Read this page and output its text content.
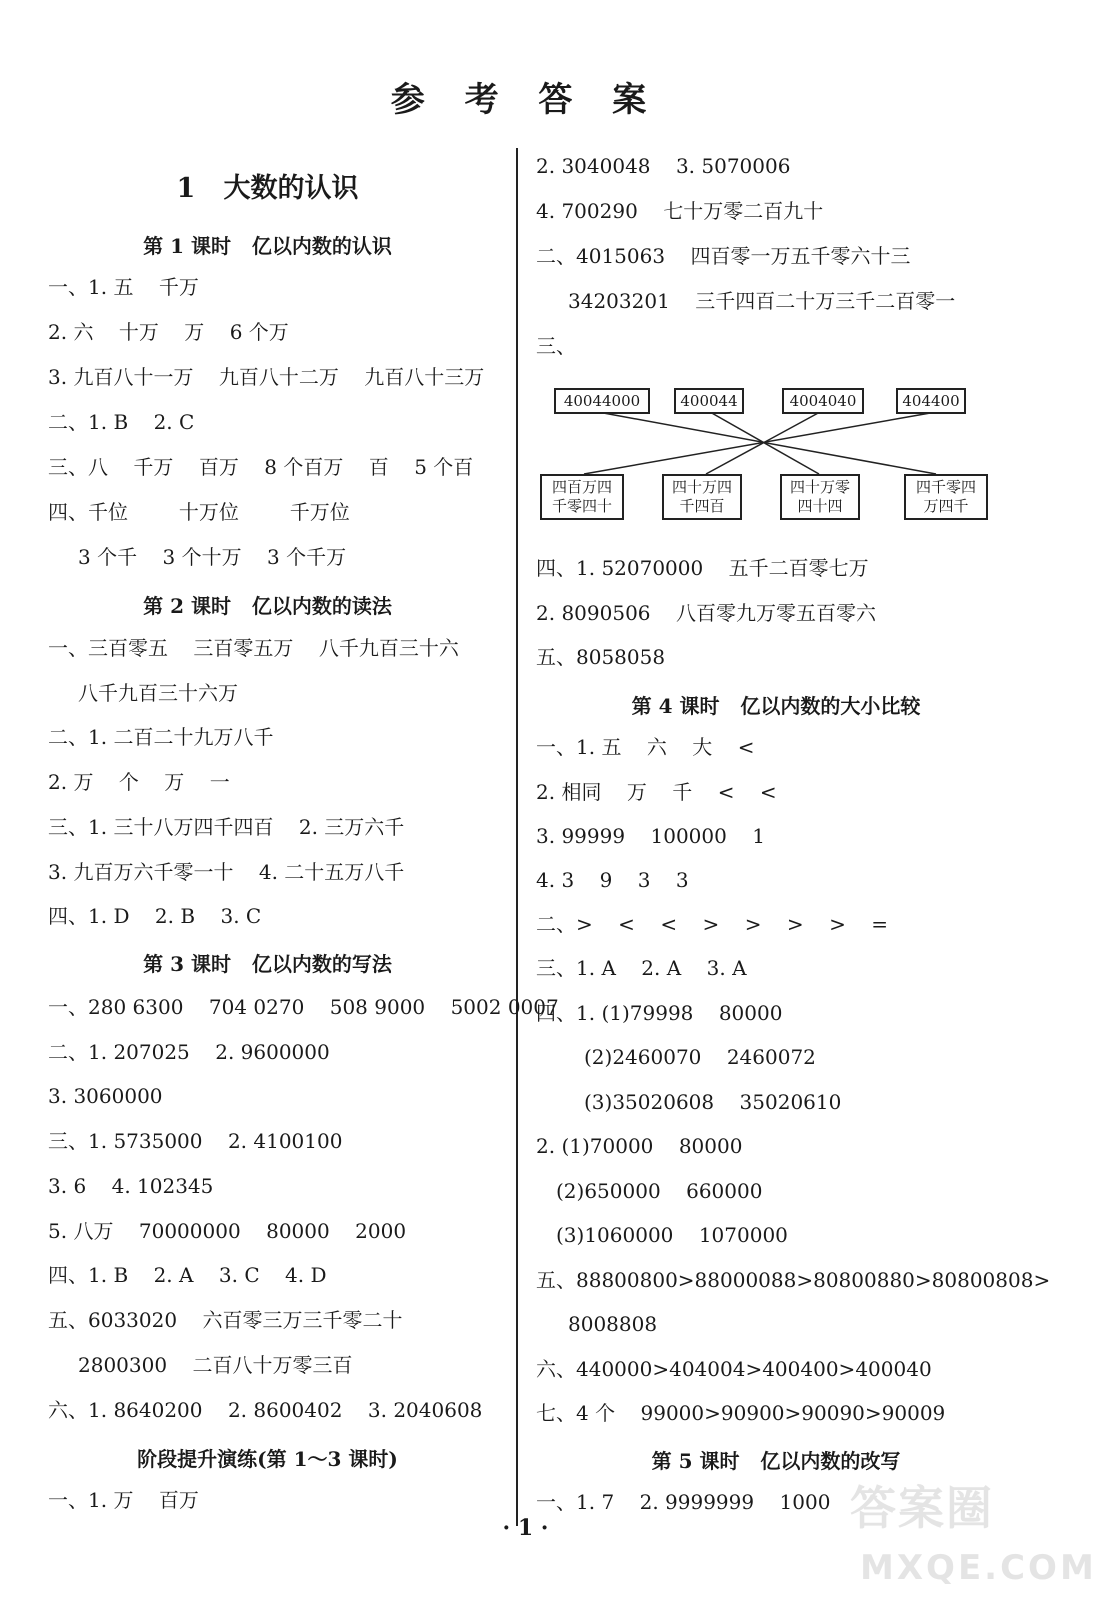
参 考 答 案
1   大数的认识
第 1 课时   亿以内数的认识
一、1. 五    千万
2. 六    十万    万    6 个万
3. 九百八十一万    九百八十二万    九百八十三万
二、1. B    2. C
三、八    千万    百万    8 个百万    百    5 个百
四、千位        十万位        千万位
3 个千    3 个十万    3 个千万
第 2 课时   亿以内数的读法
一、三百零五    三百零五万    八千九百三十六
八千九百三十六万
二、1. 二百二十九万八千
2. 万    个    万    一
三、1. 三十八万四千四百    2. 三万六千
3. 九百万六千零一十    4. 二十五万八千
四、1. D    2. B    3. C
第 3 课时   亿以内数的写法
一、280 6300    704 0270    508 9000    5002 0007
二、1. 207025    2. 9600000
3. 3060000
三、1. 5735000    2. 4100100
3. 6    4. 102345
5. 八万    70000000    80000    2000
四、1. B    2. A    3. C    4. D
五、6033020    六百零三万三千零二十
2800300    二百八十万零三百
六、1. 8640200    2. 8600402    3. 2040608
阶段提升演练(第 1～3 课时)
一、1. 万    百万
2. 3040048    3. 5070006
4. 700290    七十万零二百九十
二、4015063    四百零一万五千零六十三
34203201    三千四百二十万三千二百零一
三、
四、1. 52070000    五千二百零七万
2. 8090506    八百零九万零五百零六
五、8058058
第 4 课时   亿以内数的大小比较
一、1. 五    六    大    <
2. 相同    万    千    <    <
3. 99999    100000    1
4. 3    9    3    3
二、>    <    <    >    >    >    >    =
三、1. A    2. A    3. A
四、1. (1)79998    80000
(2)2460070    2460072
(3)35020608    35020610
2. (1)70000    80000
(2)650000    660000
(3)1060000    1070000
五、88800800>88000088>80800880>80800808>
8008808
六、440000>404004>400400>400040
七、4 个    99000>90900>90090>90009
第 5 课时   亿以内数的改写
一、1. 7    2. 9999999    1000
40044000	400044	4004040	404400
四百万四
千零四十
四十万四
千四百
四十万零
四十四
四千零四
万四千
· 1 ·	答案圈
MXQE.COM
